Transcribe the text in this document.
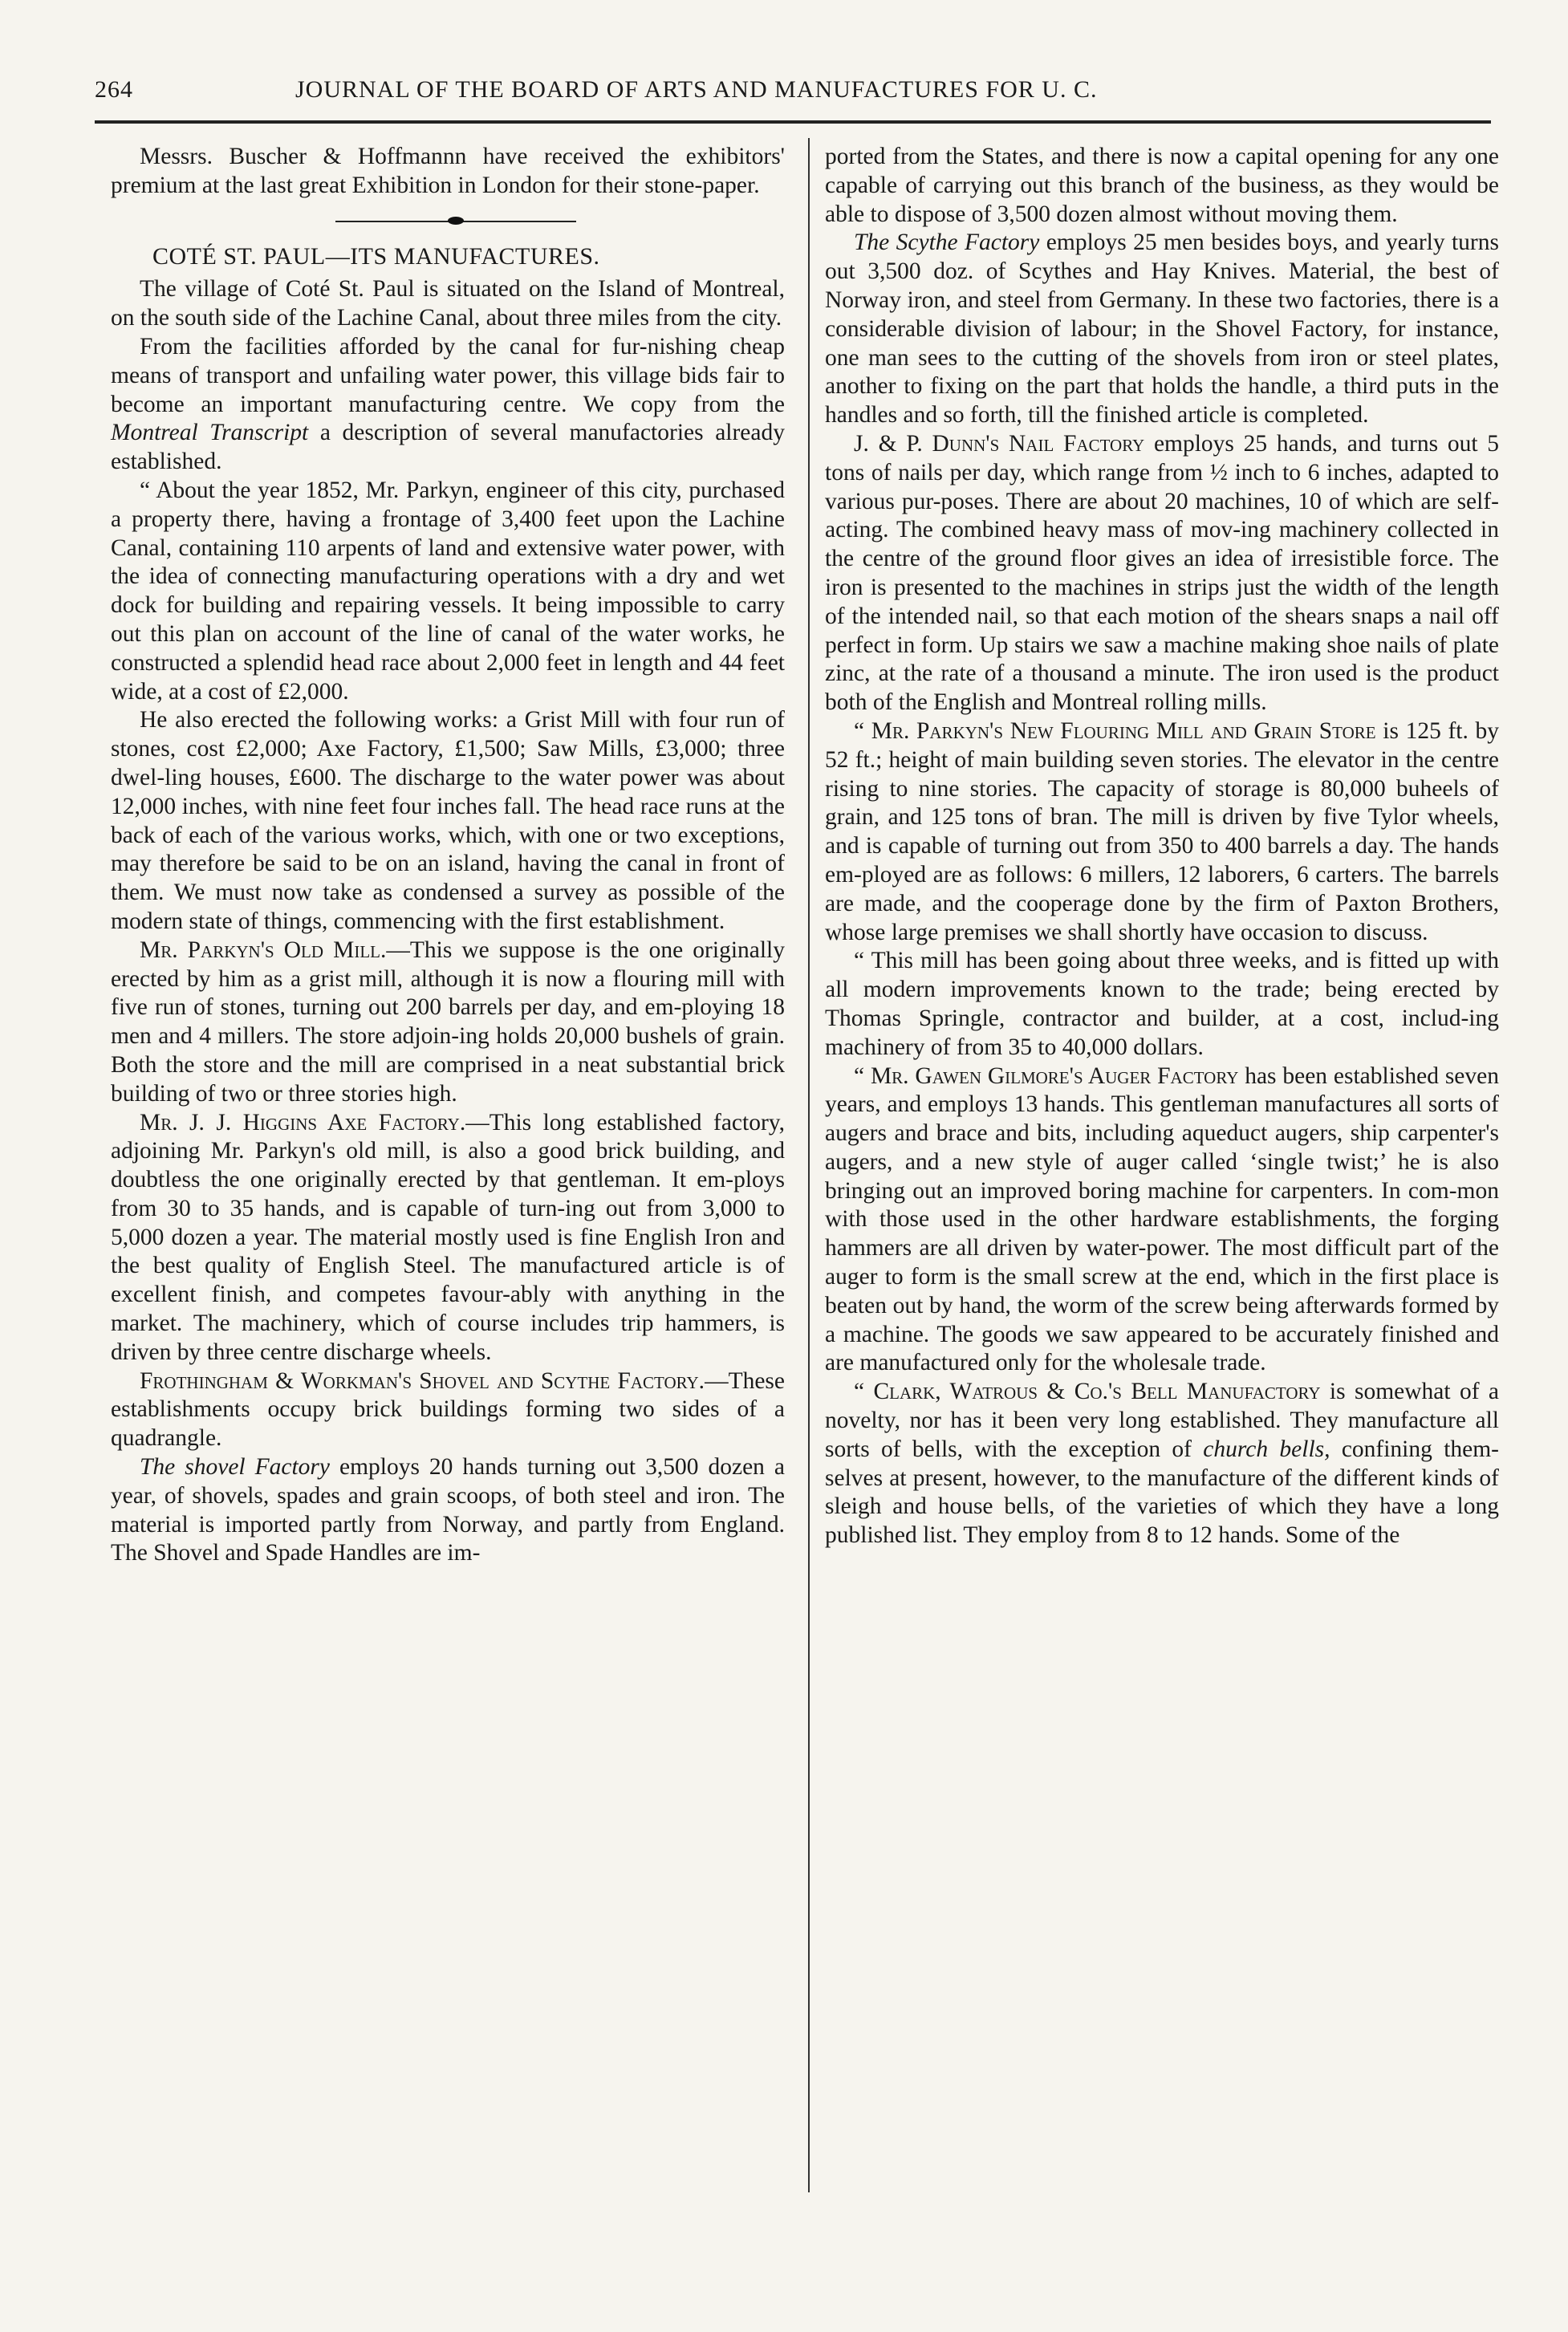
264	JOURNAL OF THE BOARD OF ARTS AND MANUFACTURES FOR U. C.

Messrs. Buscher & Hoffmannn have received the exhibitors' premium at the last great Exhibition in London for their stone-paper.

COTÉ ST. PAUL—ITS MANUFACTURES.

The village of Coté St. Paul is situated on the Island of Montreal, on the south side of the Lachine Canal, about three miles from the city.

From the facilities afforded by the canal for fur-nishing cheap means of transport and unfailing water power, this village bids fair to become an important manufacturing centre. We copy from the Montreal Transcript a description of several manufactories already established.

“ About the year 1852, Mr. Parkyn, engineer of this city, purchased a property there, having a frontage of 3,400 feet upon the Lachine Canal, containing 110 arpents of land and extensive water power, with the idea of connecting manufacturing operations with a dry and wet dock for building and repairing vessels. It being impossible to carry out this plan on account of the line of canal of the water works, he constructed a splendid head race about 2,000 feet in length and 44 feet wide, at a cost of £2,000.

He also erected the following works: a Grist Mill with four run of stones, cost £2,000; Axe Factory, £1,500; Saw Mills, £3,000; three dwel-ling houses, £600. The discharge to the water power was about 12,000 inches, with nine feet four inches fall. The head race runs at the back of each of the various works, which, with one or two exceptions, may therefore be said to be on an island, having the canal in front of them. We must now take as condensed a survey as possible of the modern state of things, commencing with the first establishment.

Mr. Parkyn's Old Mill.—This we suppose is the one originally erected by him as a grist mill, although it is now a flouring mill with five run of stones, turning out 200 barrels per day, and em-ploying 18 men and 4 millers. The store adjoin-ing holds 20,000 bushels of grain. Both the store and the mill are comprised in a neat substantial brick building of two or three stories high.

Mr. J. J. Higgins Axe Factory.—This long established factory, adjoining Mr. Parkyn's old mill, is also a good brick building, and doubtless the one originally erected by that gentleman. It em-ploys from 30 to 35 hands, and is capable of turn-ing out from 3,000 to 5,000 dozen a year. The material mostly used is fine English Iron and the best quality of English Steel. The manufactured article is of excellent finish, and competes favour-ably with anything in the market. The machinery, which of course includes trip hammers, is driven by three centre discharge wheels.

Frothingham & Workman's Shovel and Scythe Factory.—These establishments occupy brick buildings forming two sides of a quadrangle.

The shovel Factory employs 20 hands turning out 3,500 dozen a year, of shovels, spades and grain scoops, of both steel and iron. The material is imported partly from Norway, and partly from England. The Shovel and Spade Handles are im-

ported from the States, and there is now a capital opening for any one capable of carrying out this branch of the business, as they would be able to dispose of 3,500 dozen almost without moving them.

The Scythe Factory employs 25 men besides boys, and yearly turns out 3,500 doz. of Scythes and Hay Knives. Material, the best of Norway iron, and steel from Germany. In these two factories, there is a considerable division of labour; in the Shovel Factory, for instance, one man sees to the cutting of the shovels from iron or steel plates, another to fixing on the part that holds the handle, a third puts in the handles and so forth, till the finished article is completed.

J. & P. Dunn's Nail Factory employs 25 hands, and turns out 5 tons of nails per day, which range from ½ inch to 6 inches, adapted to various pur-poses. There are about 20 machines, 10 of which are self-acting. The combined heavy mass of mov-ing machinery collected in the centre of the ground floor gives an idea of irresistible force. The iron is presented to the machines in strips just the width of the length of the intended nail, so that each motion of the shears snaps a nail off perfect in form. Up stairs we saw a machine making shoe nails of plate zinc, at the rate of a thousand a minute. The iron used is the product both of the English and Montreal rolling mills.

“ Mr. Parkyn's New Flouring Mill and Grain Store is 125 ft. by 52 ft.; height of main building seven stories. The elevator in the centre rising to nine stories. The capacity of storage is 80,000 buheels of grain, and 125 tons of bran. The mill is driven by five Tylor wheels, and is capable of turning out from 350 to 400 barrels a day. The hands em-ployed are as follows: 6 millers, 12 laborers, 6 carters. The barrels are made, and the cooperage done by the firm of Paxton Brothers, whose large premises we shall shortly have occasion to discuss.

“ This mill has been going about three weeks, and is fitted up with all modern improvements known to the trade; being erected by Thomas Springle, contractor and builder, at a cost, includ-ing machinery of from 35 to 40,000 dollars.

“ Mr. Gawen Gilmore's Auger Factory has been established seven years, and employs 13 hands. This gentleman manufactures all sorts of augers and brace and bits, including aqueduct augers, ship carpenter's augers, and a new style of auger called ‘single twist;’ he is also bringing out an improved boring machine for carpenters. In com-mon with those used in the other hardware establishments, the forging hammers are all driven by water-power. The most difficult part of the auger to form is the small screw at the end, which in the first place is beaten out by hand, the worm of the screw being afterwards formed by a machine. The goods we saw appeared to be accurately finished and are manufactured only for the wholesale trade.

“ Clark, Watrous & Co.'s Bell Manufactory is somewhat of a novelty, nor has it been very long established. They manufacture all sorts of bells, with the exception of church bells, confining them-selves at present, however, to the manufacture of the different kinds of sleigh and house bells, of the varieties of which they have a long published list. They employ from 8 to 12 hands. Some of the
